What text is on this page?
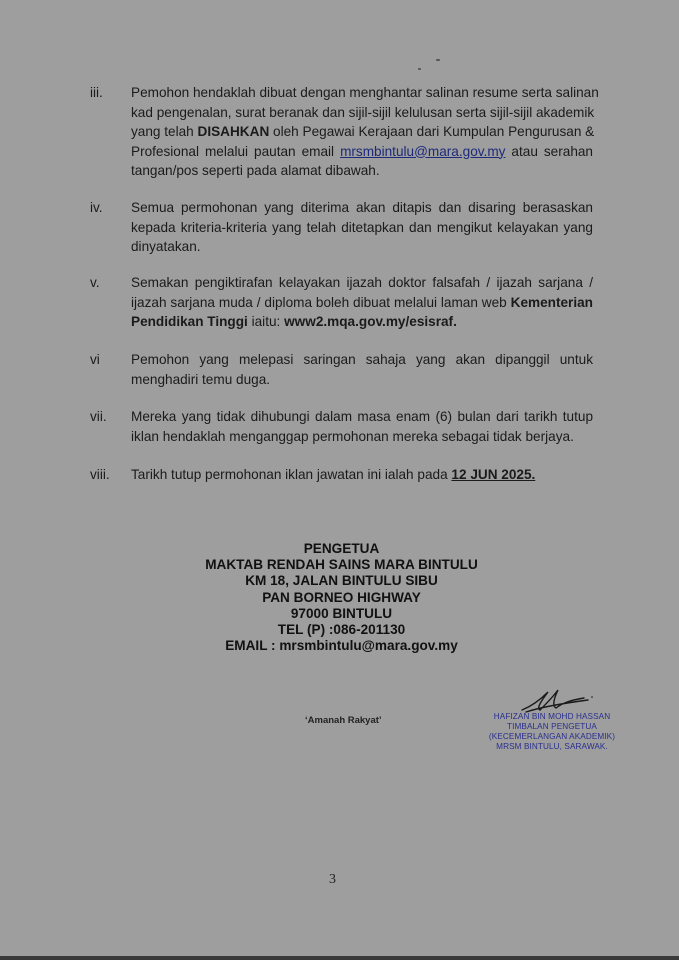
iii.	Pemohon hendaklah dibuat dengan menghantar salinan resume serta salinan
kad pengenalan, surat beranak dan sijil-sijil kelulusan serta sijil-sijil akademik
yang telah DISAHKAN oleh Pegawai Kerajaan dari Kumpulan Pengurusan &
Profesional melalui pautan email mrsmbintulu@mara.gov.my atau serahan
tangan/pos seperti pada alamat dibawah.
iv.	Semua permohonan yang diterima akan ditapis dan disaring berasaskan
kepada kriteria-kriteria yang telah ditetapkan dan mengikut kelayakan yang
dinyatakan.
v.	Semakan pengiktirafan kelayakan ijazah doktor falsafah / ijazah sarjana /
ijazah sarjana muda / diploma boleh dibuat melalui laman web Kementerian
Pendidikan Tinggi iaitu: www2.mqa.gov.my/esisraf.
vi	Pemohon yang melepasi saringan sahaja yang akan dipanggil untuk
menghadiri temu duga.
vii.	Mereka yang tidak dihubungi dalam masa enam (6) bulan dari tarikh tutup
iklan hendaklah menganggap permohonan mereka sebagai tidak berjaya.
viii.	Tarikh tutup permohonan iklan jawatan ini ialah pada 12 JUN 2025.
PENGETUA
MAKTAB RENDAH SAINS MARA BINTULU
KM 18, JALAN BINTULU SIBU
PAN BORNEO HIGHWAY
97000 BINTULU
TEL (P) :086-201130
EMAIL : mrsmbintulu@mara.gov.my
‘Amanah Rakyat’	HAFIZAN BIN MOHD HASSAN
TIMBALAN PENGETUA
(KECEMERLANGAN AKADEMIK)
MRSM BINTULU, SARAWAK.
3
